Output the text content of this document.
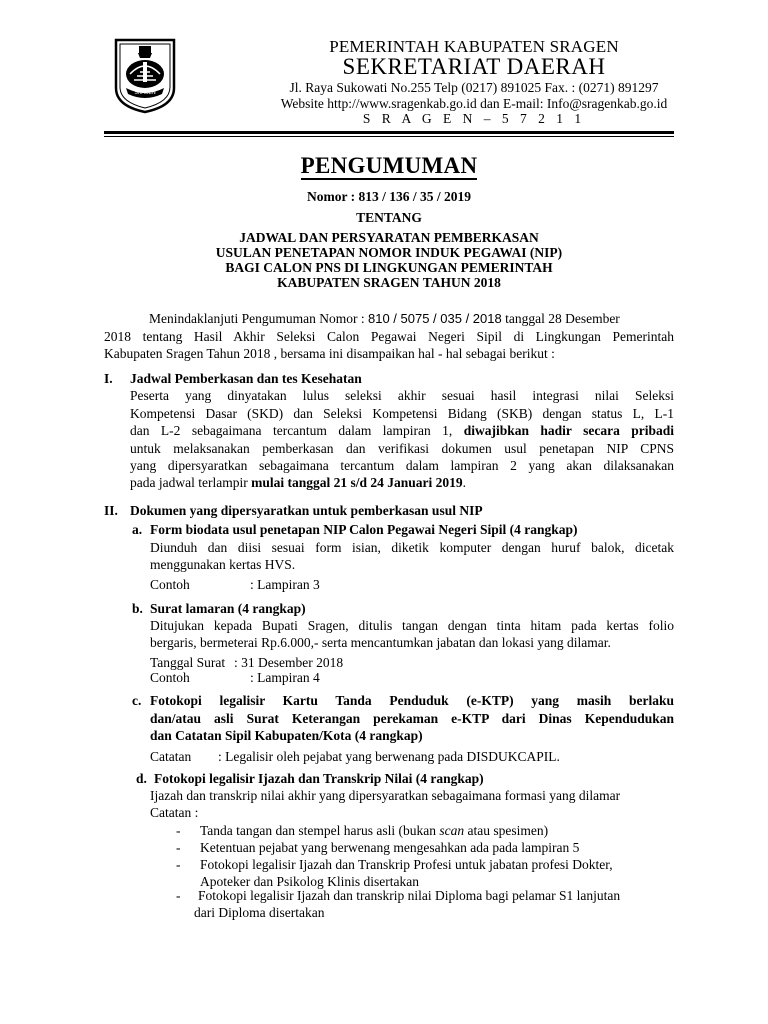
SRAGEN
PEMERINTAH KABUPATEN SRAGEN
SEKRETARIAT DAERAH
Jl. Raya Sukowati No.255 Telp (0217) 891025 Fax. : (0271) 891297
Website http://www.sragenkab.go.id dan E-mail: Info@sragenkab.go.id
S R A G E N – 5 7 2 1 1
PENGUMUMAN
Nomor : 813 / 136 / 35 / 2019
TENTANG
JADWAL DAN PERSYARATAN PEMBERKASAN
USULAN PENETAPAN NOMOR INDUK PEGAWAI (NIP)
BAGI CALON PNS DI LINGKUNGAN PEMERINTAH
KABUPATEN SRAGEN TAHUN 2018
Menindaklanjuti Pengumuman Nomor : 810 / 5075 / 035 / 2018 tanggal 28 Desember
2018 tentang Hasil Akhir Seleksi Calon Pegawai Negeri Sipil di Lingkungan Pemerintah
Kabupaten Sragen Tahun 2018 , bersama ini disampaikan hal - hal sebagai berikut :
I. Jadwal Pemberkasan dan tes Kesehatan
Peserta yang dinyatakan lulus seleksi akhir sesuai hasil integrasi nilai Seleksi
Kompetensi Dasar (SKD) dan Seleksi Kompetensi Bidang (SKB) dengan status L, L-1
dan L-2 sebagaimana tercantum dalam lampiran 1, diwajibkan hadir secara pribadi
untuk melaksanakan pemberkasan dan verifikasi dokumen usul penetapan NIP CPNS
yang dipersyaratkan sebagaimana tercantum dalam lampiran 2 yang akan dilaksanakan
pada jadwal terlampir mulai tanggal 21 s/d 24 Januari 2019.
II. Dokumen yang dipersyaratkan untuk pemberkasan usul NIP
a. Form biodata usul penetapan NIP Calon Pegawai Negeri Sipil (4 rangkap)
Diunduh dan diisi sesuai form isian, diketik komputer dengan huruf balok, dicetak
menggunakan kertas HVS.
Contoh	: Lampiran 3
b. Surat lamaran (4 rangkap)
Ditujukan kepada Bupati Sragen, ditulis tangan dengan tinta hitam pada kertas folio
bergaris, bermeterai Rp.6.000,- serta mencantumkan jabatan dan lokasi yang dilamar.
Tanggal Surat : 31 Desember 2018
Contoh	: Lampiran 4
c. Fotokopi legalisir Kartu Tanda Penduduk (e-KTP) yang masih berlaku
dan/atau asli Surat Keterangan perekaman e-KTP dari Dinas Kependudukan
dan Catatan Sipil Kabupaten/Kota (4 rangkap)
Catatan : Legalisir oleh pejabat yang berwenang pada DISDUKCAPIL.
d. Fotokopi legalisir Ijazah dan Transkrip Nilai (4 rangkap)
Ijazah dan transkrip nilai akhir yang dipersyaratkan sebagaimana formasi yang dilamar
Catatan :
- Tanda tangan dan stempel harus asli (bukan scan atau spesimen)
- Ketentuan pejabat yang berwenang mengesahkan ada pada lampiran 5
- Fotokopi legalisir Ijazah dan Transkrip Profesi untuk jabatan profesi Dokter,
Apoteker dan Psikolog Klinis disertakan
- Fotokopi legalisir Ijazah dan transkrip nilai Diploma bagi pelamar S1 lanjutan
dari Diploma disertakan
